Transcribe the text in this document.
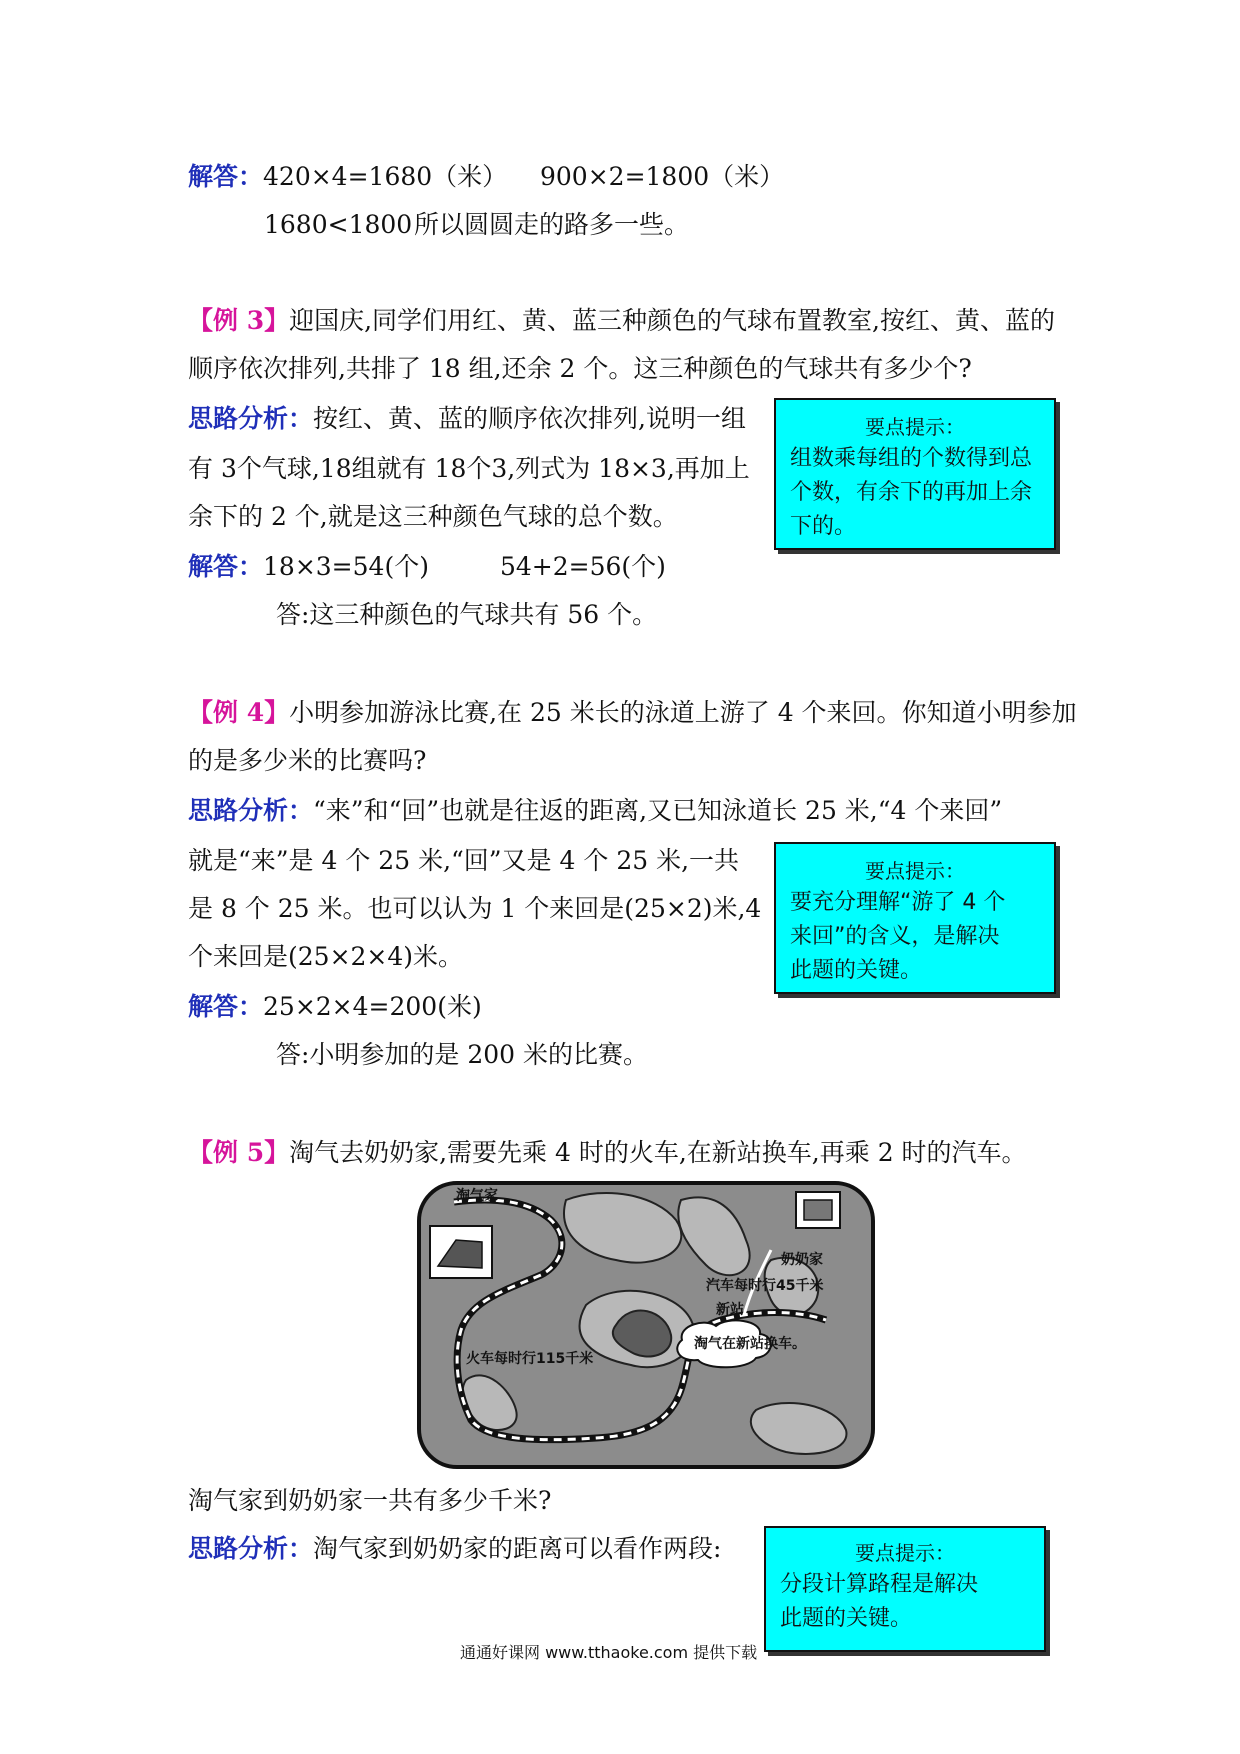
解答：420×4=1680（米） 900×2=1800（米）
1680<1800 所以圆圆走的路多一些。
【例 3】迎国庆,同学们用红、黄、蓝三种颜色的气球布置教室,按红、黄、蓝的
顺序依次排列,共排了 18 组,还余 2 个。这三种颜色的气球共有多少个?
思路分析：按红、黄、蓝的顺序依次排列,说明一组
有 3个气球,18组就有 18个3,列式为 18×3,再加上
余下的 2 个,就是这三种颜色气球的总个数。
解答：18×3=54(个)	54+2=56(个)
答:这三种颜色的气球共有 56 个。
要点提示：
组数乘每组的个数得到总
个数，有余下的再加上余
下的。
【例 4】小明参加游泳比赛,在 25 米长的泳道上游了 4 个来回。你知道小明参加
的是多少米的比赛吗?
思路分析：“来”和“回”也就是往返的距离,又已知泳道长 25 米,“4 个来回”
就是“来”是 4 个 25 米,“回”又是 4 个 25 米,一共
是 8 个 25 米。也可以认为 1 个来回是(25×2)米,4
个来回是(25×2×4)米。
解答：25×2×4=200(米)
答:小明参加的是 200 米的比赛。
要点提示：
要充分理解“游了 4 个
来回”的含义，是解决
此题的关键。
【例 5】淘气去奶奶家,需要先乘 4 时的火车,在新站换车,再乘 2 时的汽车。
淘气家
奶奶家
汽车每时行45千米
新站
火车每时行115千米
淘气在新站换车。
淘气家到奶奶家一共有多少千米?
思路分析：淘气家到奶奶家的距离可以看作两段:	要点提示：
分段计算路程是解决
此题的关键。
通通好课网 www.tthaoke.com 提供下载
